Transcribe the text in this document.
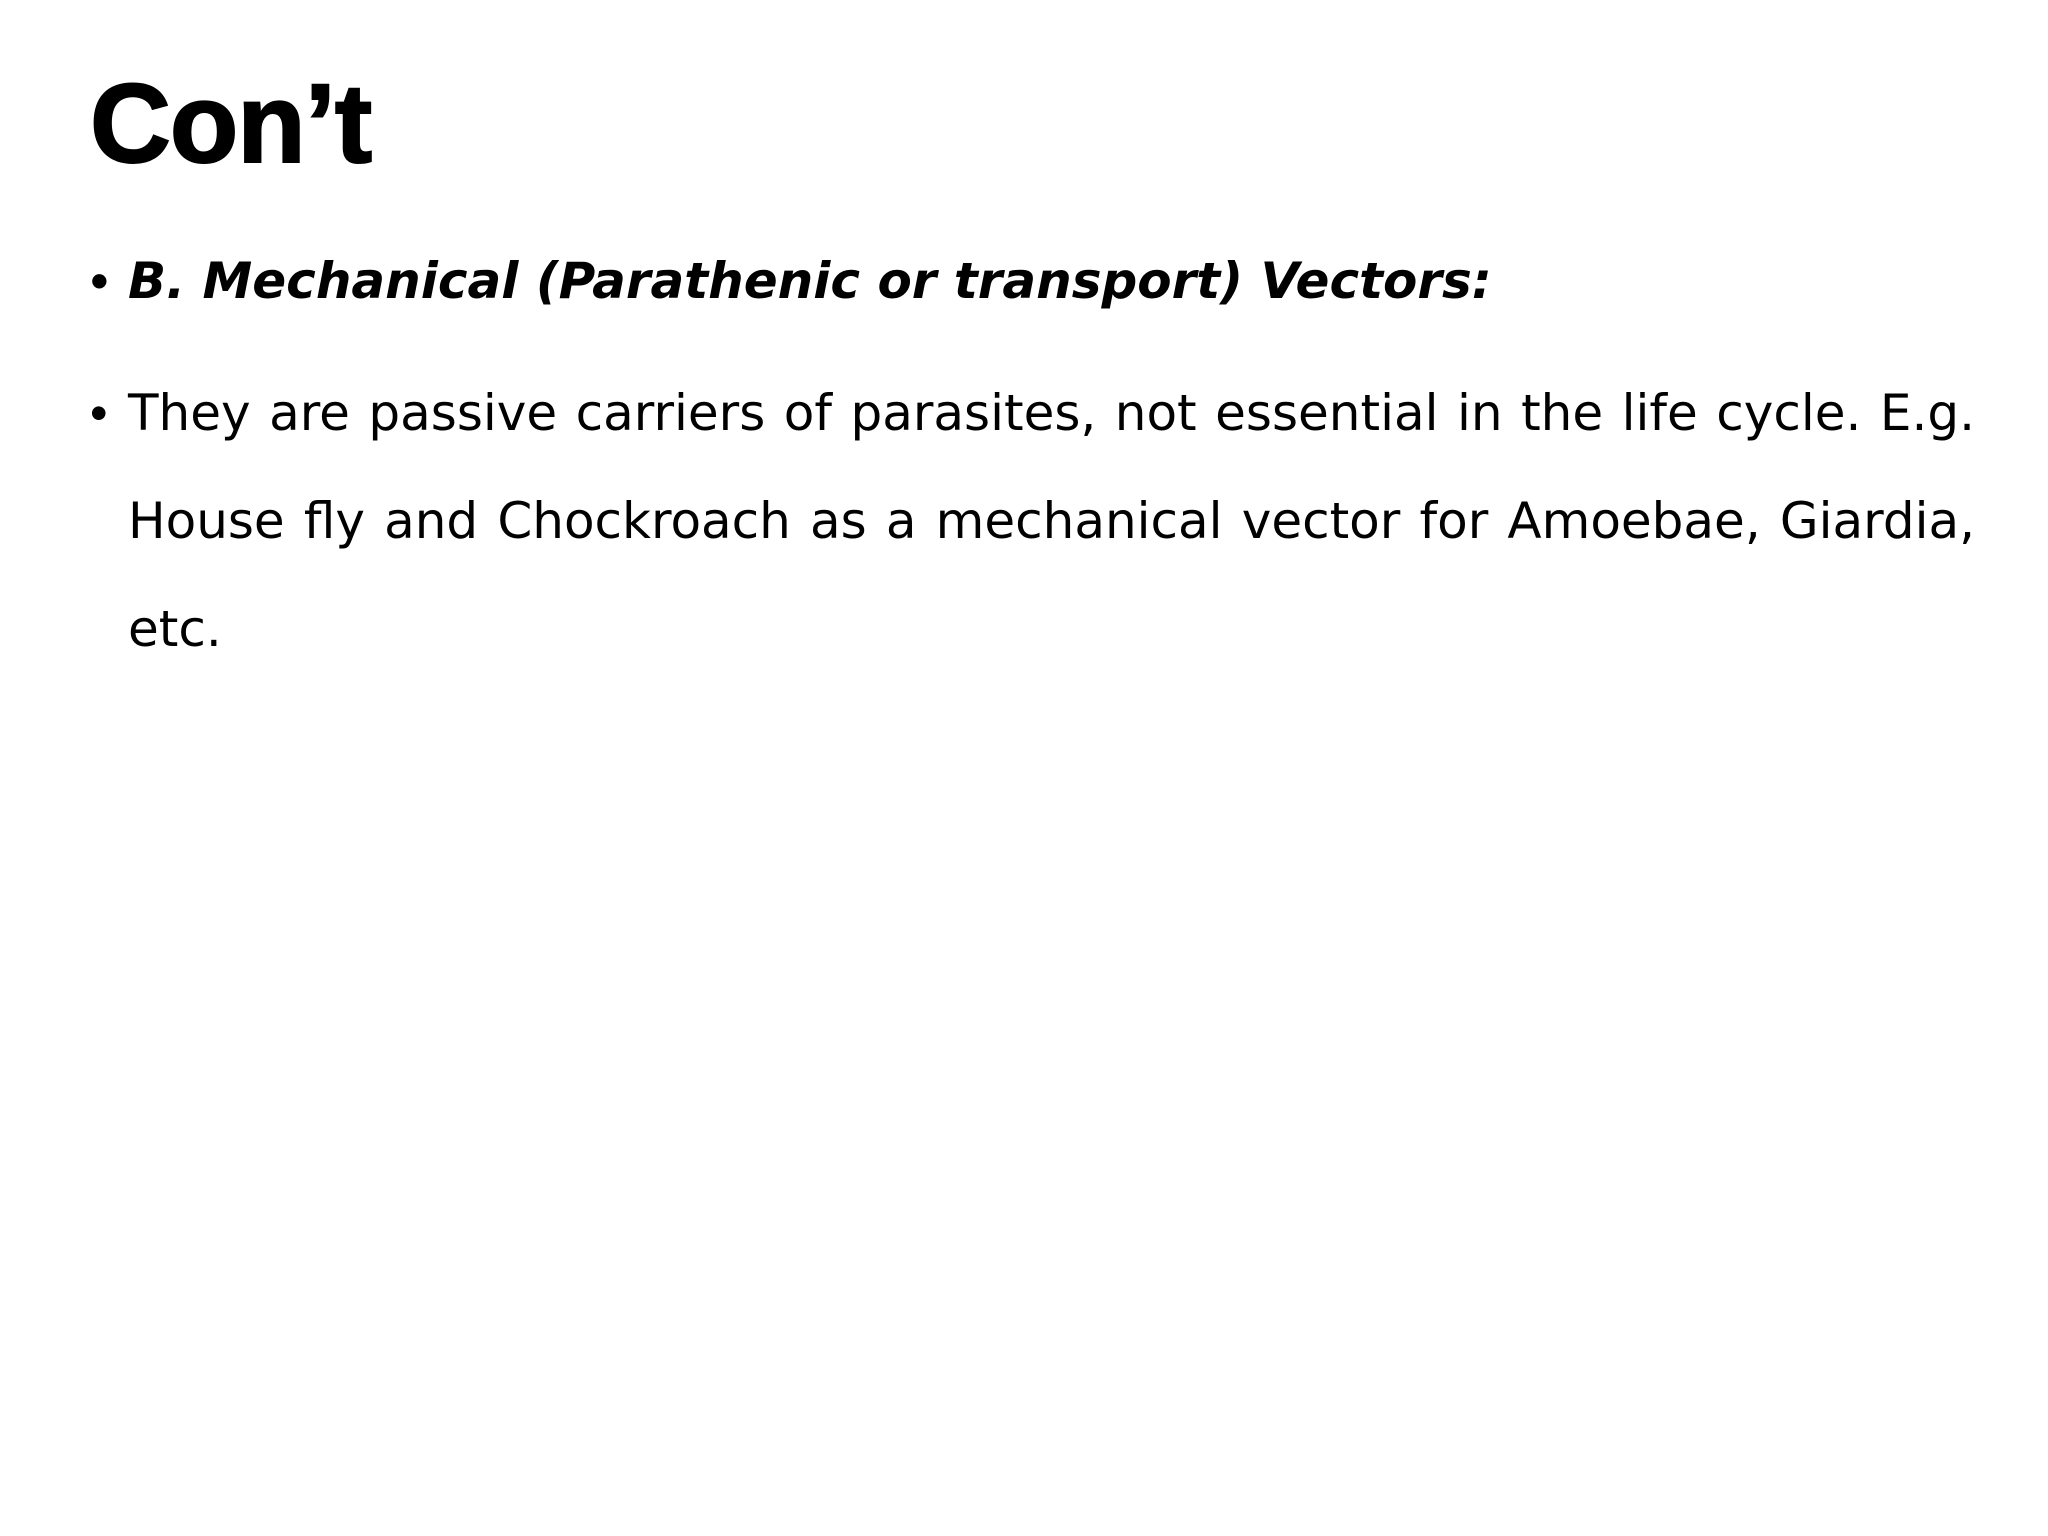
Con’t
• B. Mechanical (Parathenic or transport) Vectors:
• They are passive carriers of parasites, not essential in the life cycle. E.g. House fly and Chockroach as a mechanical vector for Amoebae, Giardia, etc.
